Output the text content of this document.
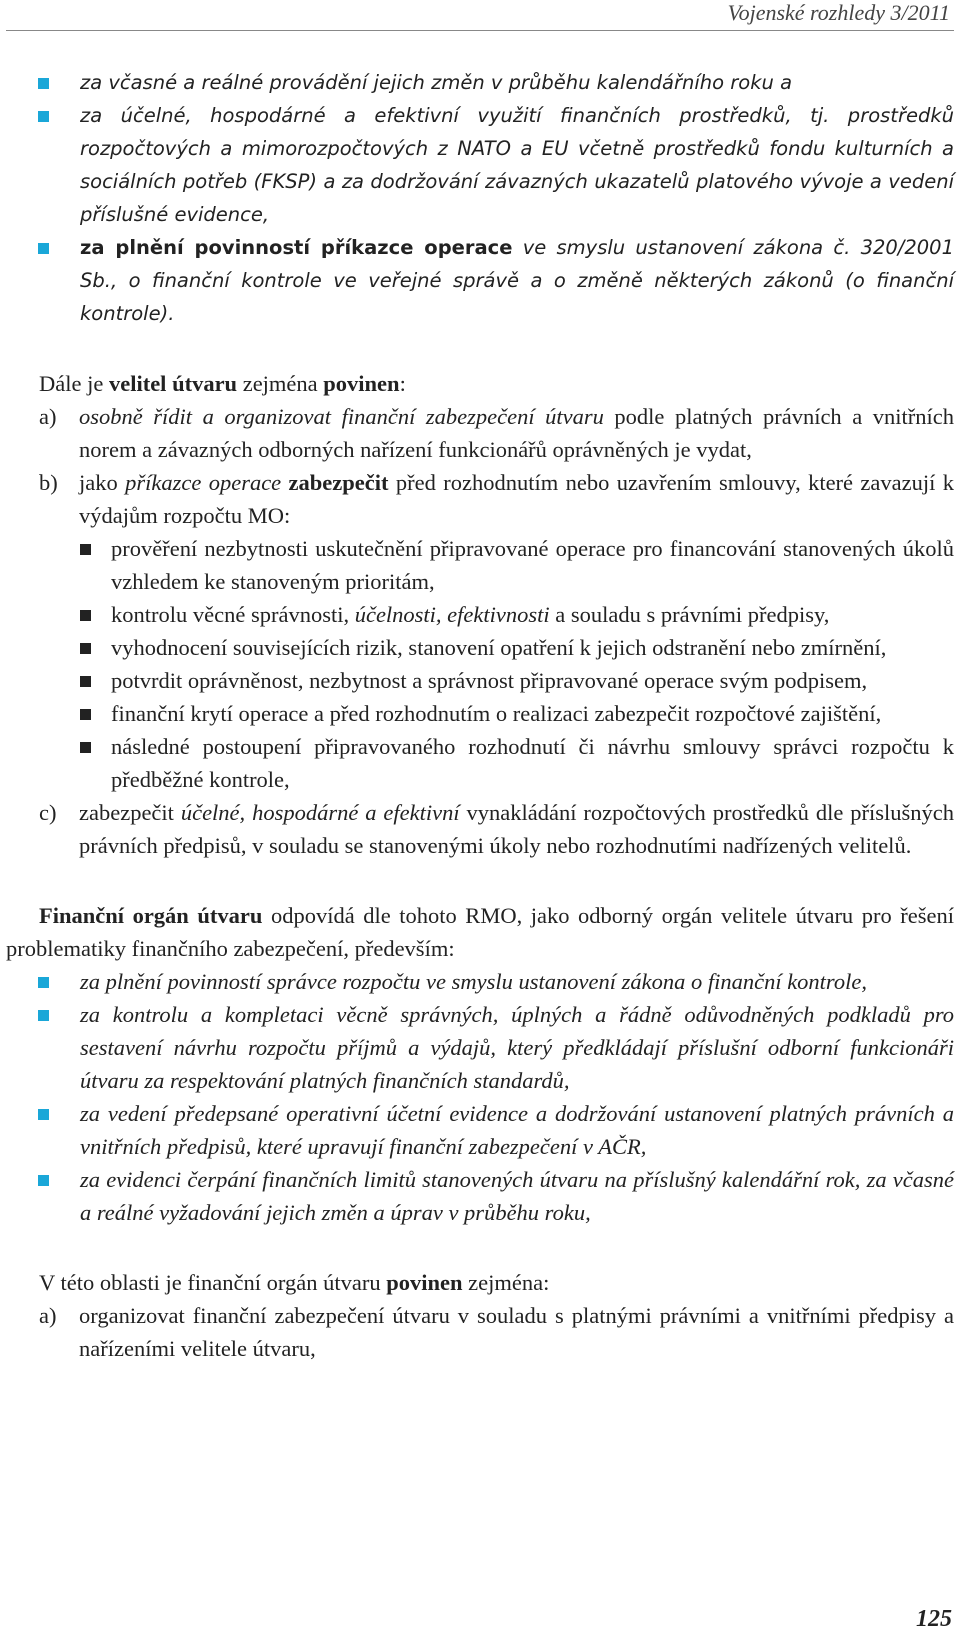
Vojenské rozhledy 3/2011
za včasné a reálné provádění jejich změn v průběhu kalendářního roku a
za účelné, hospodárné a efektivní využití finančních prostředků, tj. prostředků rozpočtových a mimorozpočtových z NATO a EU včetně prostředků fondu kulturních a sociálních potřeb (FKSP) a za dodržování závazných ukazatelů platového vývoje a vedení příslušné evidence,
za plnění povinností příkazce operace ve smyslu ustanovení zákona č. 320/2001 Sb., o finanční kontrole ve veřejné správě a o změně některých zákonů (o finanční kontrole).

Dále je velitel útvaru zejména povinen:

a) osobně řídit a organizovat finanční zabezpečení útvaru podle platných právních a vnitřních norem a závazných odborných nařízení funkcionářů oprávněných je vydat,
b) jako příkazce operace zabezpečit před rozhodnutím nebo uzavřením smlouvy, které zavazují k výdajům rozpočtu MO:
prověření nezbytnosti uskutečnění připravované operace pro financování stanovených úkolů vzhledem ke stanoveným prioritám,
kontrolu věcné správnosti, účelnosti, efektivnosti a souladu s právními předpisy,
vyhodnocení souvisejících rizik, stanovení opatření k jejich odstranění nebo zmírnění,
potvrdit oprávněnost, nezbytnost a správnost připravované operace svým podpisem,
finanční krytí operace a před rozhodnutím o realizaci zabezpečit rozpočtové zajištění,
následné postoupení připravovaného rozhodnutí či návrhu smlouvy správci rozpočtu k předběžné kontrole,
c) zabezpečit účelné, hospodárné a efektivní vynakládání rozpočtových prostředků dle příslušných právních předpisů, v souladu se stanovenými úkoly nebo rozhodnutími nadřízených velitelů.

Finanční orgán útvaru odpovídá dle tohoto RMO, jako odborný orgán velitele útvaru pro řešení problematiky finančního zabezpečení, především:

za plnění povinností správce rozpočtu ve smyslu ustanovení zákona o finanční kontrole,
za kontrolu a kompletaci věcně správných, úplných a řádně odůvodněných podkladů pro sestavení návrhu rozpočtu příjmů a výdajů, který předkládají příslušní odborní funkcionáři útvaru za respektování platných finančních standardů,
za vedení předepsané operativní účetní evidence a dodržování ustanovení platných právních a vnitřních předpisů, které upravují finanční zabezpečení v AČR,
za evidenci čerpání finančních limitů stanovených útvaru na příslušný kalendářní rok, za včasné a reálné vyžadování jejich změn a úprav v průběhu roku,

V této oblasti je finanční orgán útvaru povinen zejména:

a) organizovat finanční zabezpečení útvaru v souladu s platnými právními a vnitřními předpisy a nařízeními velitele útvaru,
125
